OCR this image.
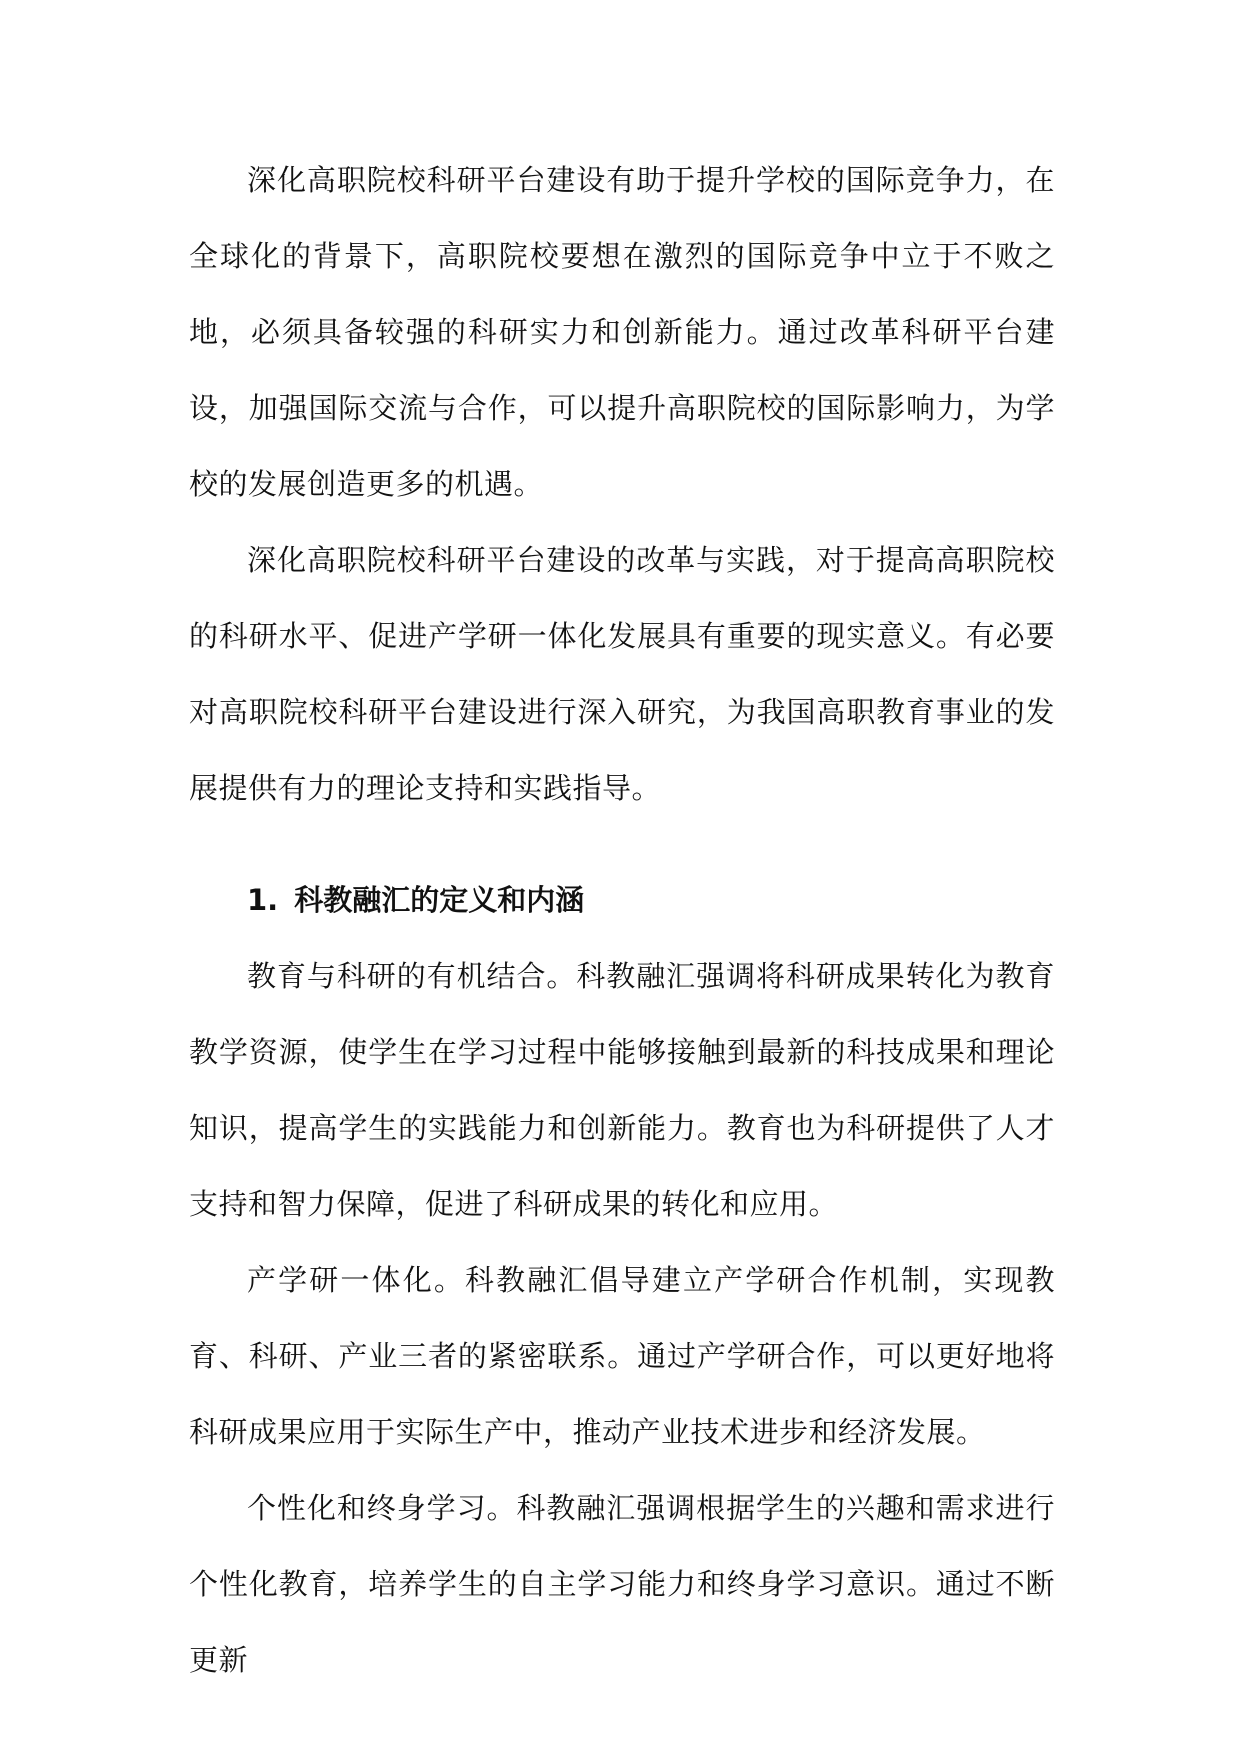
深化高职院校科研平台建设有助于提升学校的国际竞争力，在全球化的背景下，高职院校要想在激烈的国际竞争中立于不败之地，必须具备较强的科研实力和创新能力。通过改革科研平台建设，加强国际交流与合作，可以提升高职院校的国际影响力，为学校的发展创造更多的机遇。

深化高职院校科研平台建设的改革与实践，对于提高高职院校的科研水平、促进产学研一体化发展具有重要的现实意义。有必要对高职院校科研平台建设进行深入研究，为我国高职教育事业的发展提供有力的理论支持和实践指导。

1. 科教融汇的定义和内涵

教育与科研的有机结合。科教融汇强调将科研成果转化为教育教学资源，使学生在学习过程中能够接触到最新的科技成果和理论知识，提高学生的实践能力和创新能力。教育也为科研提供了人才支持和智力保障，促进了科研成果的转化和应用。

产学研一体化。科教融汇倡导建立产学研合作机制，实现教育、科研、产业三者的紧密联系。通过产学研合作，可以更好地将科研成果应用于实际生产中，推动产业技术进步和经济发展。

个性化和终身学习。科教融汇强调根据学生的兴趣和需求进行个性化教育，培养学生的自主学习能力和终身学习意识。通过不断更新
